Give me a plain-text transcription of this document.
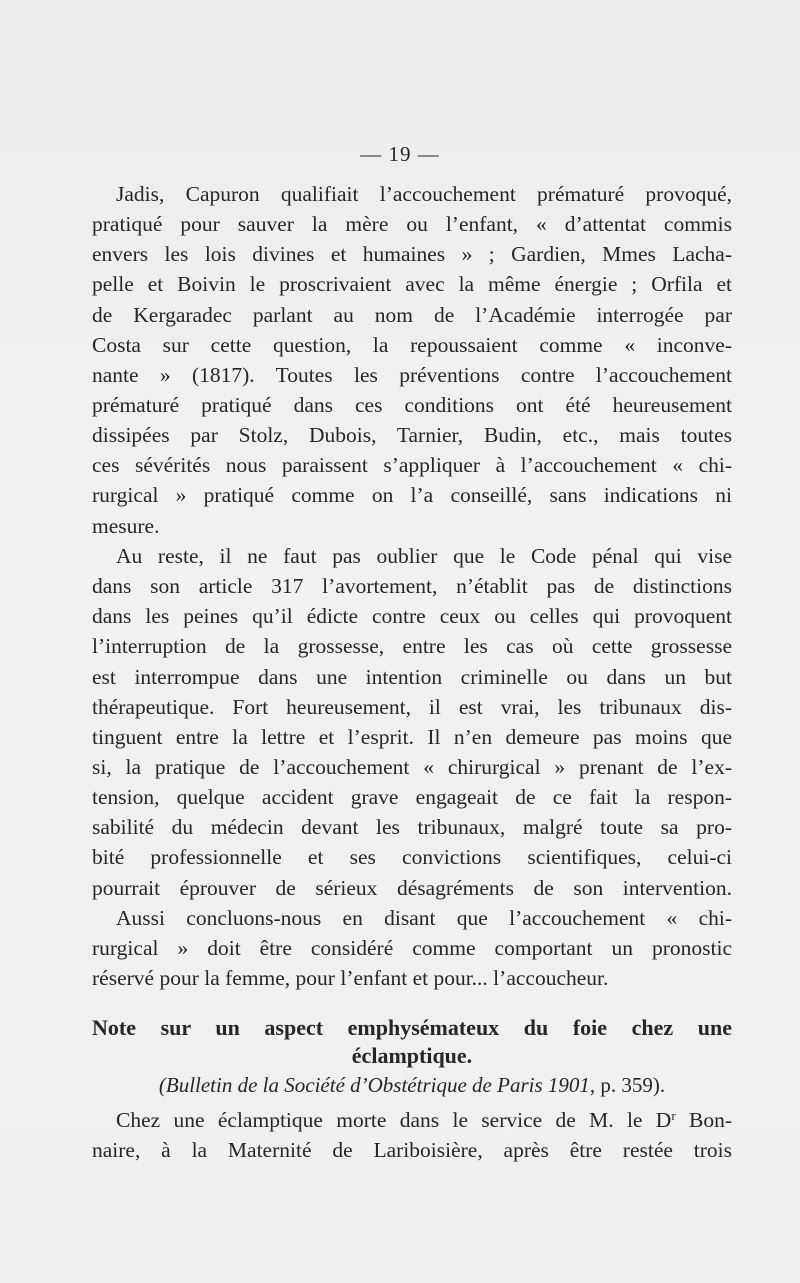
— 19 —
Jadis, Capuron qualifiait l’accouchement prématuré provoqué,
pratiqué pour sauver la mère ou l’enfant, « d’attentat commis
envers les lois divines et humaines » ; Gardien, Mmes Lacha-
pelle et Boivin le proscrivaient avec la même énergie ; Orfila et
de Kergaradec parlant au nom de l’Académie interrogée par
Costa sur cette question, la repoussaient comme « inconve-
nante » (1817). Toutes les préventions contre l’accouchement
prématuré pratiqué dans ces conditions ont été heureusement
dissipées par Stolz, Dubois, Tarnier, Budin, etc., mais toutes
ces sévérités nous paraissent s’appliquer à l’accouchement « chi-
rurgical » pratiqué comme on l’a conseillé, sans indications ni
mesure.
Au reste, il ne faut pas oublier que le Code pénal qui vise
dans son article 317 l’avortement, n’établit pas de distinctions
dans les peines qu’il édicte contre ceux ou celles qui provoquent
l’interruption de la grossesse, entre les cas où cette grossesse
est interrompue dans une intention criminelle ou dans un but
thérapeutique. Fort heureusement, il est vrai, les tribunaux dis-
tinguent entre la lettre et l’esprit. Il n’en demeure pas moins que
si, la pratique de l’accouchement « chirurgical » prenant de l’ex-
tension, quelque accident grave engageait de ce fait la respon-
sabilité du médecin devant les tribunaux, malgré toute sa pro-
bité professionnelle et ses convictions scientifiques, celui-ci
pourrait éprouver de sérieux désagréments de son intervention.
Aussi concluons-nous en disant que l’accouchement « chi-
rurgical » doit être considéré comme comportant un pronostic
réservé pour la femme, pour l’enfant et pour... l’accoucheur.
Note sur un aspect emphysémateux du foie chez une
éclamptique.
(Bulletin de la Société d’Obstétrique de Paris 1901, p. 359).
Chez une éclamptique morte dans le service de M. le $D^r$ Bon-
naire, à la Maternité de Lariboisière, après être restée trois
